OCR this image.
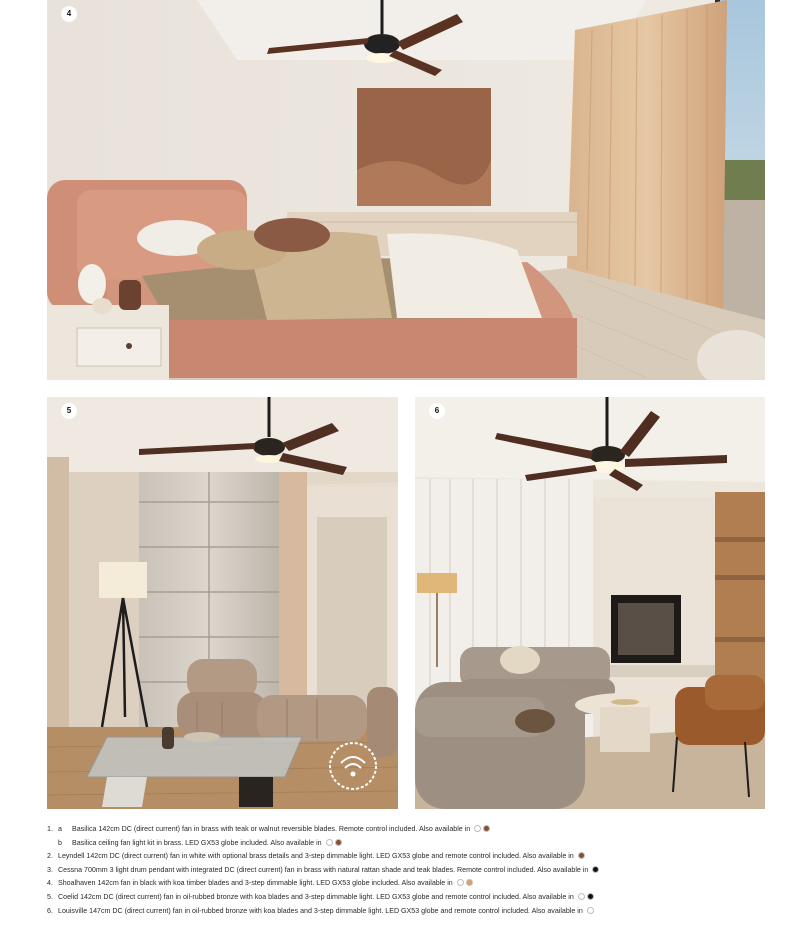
4
5	6
1. a Basilica 142cm DC (direct current) fan in brass with teak or walnut reversible blades. Remote control included. Also available in
b Basilica ceiling fan light kit in brass. LED GX53 globe included. Also available in
2. Leyndell 142cm DC (direct current) fan in white with optional brass details and 3-step dimmable light. LED GX53 globe and remote control included. Also available in
3. Cessna 700mm 3 light drum pendant with integrated DC (direct current) fan in brass with natural rattan shade and teak blades. Remote control included. Also available in
4. Shoalhaven 142cm fan in black with koa timber blades and 3-step dimmable light. LED GX53 globe included. Also available in
5. Coelid 142cm DC (direct current) fan in oil-rubbed bronze with koa blades and 3-step dimmable light. LED GX53 globe and remote control included. Also available in
6. Louisville 147cm DC (direct current) fan in oil-rubbed bronze with koa blades and 3-step dimmable light. LED GX53 globe and remote control included. Also available in
